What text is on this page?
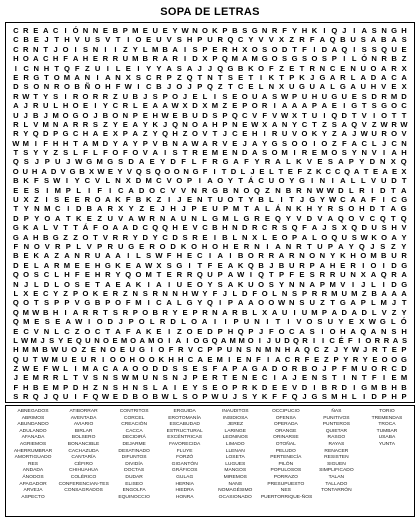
SOPA DE LETRAS
C R E A C I Ó N N E B P M E U E Y W N O K P B S G N R F Y H K I Q J I A S N G H
C B E J T H V U S V T I O E U V S H P U R Q C Y V V X Z R F A Q B U S A B A S
C R N T J O I S N I	I Z Y L M B A I S P E R H X O S O D T F I D A Q I S S Q U E
H O A C H F A H E R R U M B R A R I D X P Q M A M G O S G S O S P I L Ó N R B Z
I C N H T Q F Z U I L E I Y Y A S A J J Q G B K O F Z E T R N C E N U O A R X
E R G T O M A N I A N X S C R P Z Q T N T S E T I K T P K J G A R L A D A C A
D S O N R O B Ñ O H F W I C B J O J P Q Z T C E L N X U G U A L G A U H V E X
R W T Y S I R O R R Z U B J S P O J E L I S E O U A S W P U H U G U E S D R M D
A J R U L H O E I Y C R L E A A W X D X M Z E P O R I A A A P A E I G T S G O C
U J B J M O G O J B O N P E H W E B U D S P Q C V F V W X T U I Q D T V I O T T
R L V M N A R R S Z Y E A Y K J Q N O A H P N E W X A N Y C T Z S A Q V Z W R W
R Y Q D P G C H A E X P A Z Y Q H Z O V T J C E H I R U V O K Y Z A J W U R O V
W M I F H H T A M D Y A Y P V B N A W A R V E J A Y G S O O I O Z F A C L J C N
T S Y Y Z S L F L F O F O V A I S T R E M E N D A S O M I R E M O S Y N V I A H
Q S J P U J W G M G S D A E Y D F L F R G A F Y R A L K V E S A P Y D N X Q
O U H A D V G B X W E Y V Q S Q O O N G F I T D L J E L T E F Z K C C Q A T E A E X
B K F S W I Y C V L N X D M C V O P I A O Y T Á C U O Y G I N I A L L V U D T
E E S I M P L I F I C A D O C V V N R G B N O Q Z N B R N W W D L R I D T A
U X Z I S E E R O A K F B K Z I J E N T U O T Y B L I T J G Y W C A A F I C G
T Y N M C I D B A R X Y Z E J H J P E U P M T A L Á N K H Y R S O H D T A G
D P Y O A T K E Z U V A W R N A U N L G M L G R E Q Y V D V A Q O V C Q T Q
G K A L V T T Á F O A A D C Q Q H E V C B H N D R C R S Q F A J S X Q D U S H V
G A H B G Z Z O T V R R Y D Y C D S R E I B L N X L E O P A L O Q U S W K O A Y
F N O V R P L V P R U G E R O D K O H O H E R N I A N R T U P A Y Q J S Z Y
B E K A Z A N R U A A I L S W F H E C I A I B O R R A R N O N Y K H O M B U R
D E L A R M E E H G K E A W X S G I T F E A K Q B J B U R P A H E R I O I D G
Q O S C L H F E H R Y Q O M T E R R Q U P A W I Q T P F E S R R U N X A Q R A
N J L D L O S E T A E A K I A I U E O Y S A K U O S Y N N A P M V I J L I D G
L X E C Y Z P O K E R Z N S R N N H W Y F J L D F O L N S P R R M U M Z B A A A
Q O T S P P V G B P O F M I C A L G Y Q I P A A O O W N S U Z T G A P L M J T
Q M W B H I A R R T S R P O B R Y E P R N A R B L X A U I U M P A D A D L V Z Y
Q M E S E A W I O D J P O L R D L O A I	I P U N I T I V O S U Y E X W G L Ó
E C V N L C Z O C T A F A K E I Z O E D P H Q P J F O C A S I O H A Q A N S H
L W M J S Y E Q U N O E M O A M O I A I O G Q A M M O I J U D Q R I I C É F I O R R A S
H M M B W U O Z E N O E U G I O F R V C P P U N S N M N H A Q C Z J Y W J R T E P
Q U T W M U E U R I O O H O O K H H C A E M I E N F I A C R F E Z P Y R Y E O O G
Z W E F W L I M A C A A O O D D S S E S F A P A G A D O R B O J P F M U O R C D
J E M R R L T V S N S W M U N S N J P E R T E N E C I A J E N S T I N T F I E M
F H B E M P D H Z N S H N S L A I E Y S E O P R K D E E V D I B R D I G M B H B
S R Q J Q U I F Q W E D B O B W L S O P W U J S Y K F F Q J G S M H L I D P H P
ABNEGADOS
ABRIMOS
ABUNDANDO
ADULANDO
AFANADA
AGRIEMOS
AHERRUMBRAR
AMORTIGUADO
RES
ANDADA
ÁNODOS
APAGADOR
ARVEJA
ASPECTO
ATIBORRAR
AVENTADA
AVIARIO
BIRLAR
BOLSERO
BONANCIBLE
CACHAZUDA
CANTARÍA
CÉFIRO
CHIHUAHUA
COLÉRICO
CONFERENCIAN-TES
CONSAGRADOS
CONTRITOS
CORCEL
CREACIÓN
CACCA
DECIDIRÁ
DEJARME
DESATINADO
DIFUNTOS
DIVIDÍA
DOCTAS
DUDAR
ELISEO
ENGOLFA
EQUINOCCIO
ERGUIDA
EROTOMANÍA
ESCABUDAD
ESTRUCTURAL
EXCÉNTRICAS
FAVORECIDA
FLUYE
FORZÓ
GIGANTÓN
GRÁFICOS
GULAG
HERNIA
HIEDRA
HONRA
INAUDITOS
INSIDIOSA
JEREZ
LARINGE
LEONINOS
LIMADO
LLENAN
LOSETA
LUGUES
MANGOS
MIREMOS
NANS
NOMAGÉSIMO
OCASIONADO
OCCIPUCIO
OFENSA
OPERADA
ORANGE
ORINARSE
OTOÑAL
PELUDO
PERTENECÍA
PILÓN
POPULOSOS
PORRAZO
PRESUPUESTO
NES
PUERTORRIQUE-ÑOS
ÑAS
PUNITIVOS
PUNTEROS
QUIETAR
RASGO
RAYAS
RENACER
RESISTEN
SIGUEN
SIMPLIFICADO
TALAN
TALLADO
TONTARRÓN
TORIO
TREMENDAS
TROCA
TUMBAR
USABA
YUNTA
